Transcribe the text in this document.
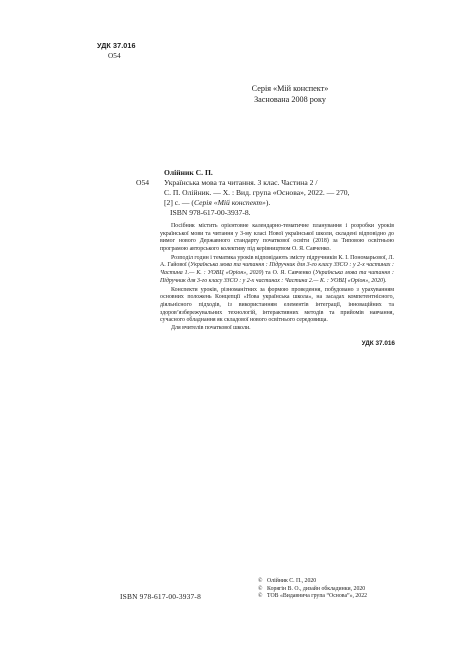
УДК 37.016
О54
Серія «Мій конспект»
Заснована 2008 року
Олійник С. П.
О54	Українська мова та читання. 3 клас. Частина 2 /
С. П. Олійник. — Х. : Вид. група «Основа», 2022. — 270,
[2] с. — (Серія «Мій конспект»).
ISBN 978-617-00-3937-8.

Посібник містить орієнтовне календарно-тематичне планування і розробки уроків української мови та читання у 3-му класі Нової української школи, складені відповідно до вимог нового Державного стандарту початкової освіти (2018) за Типовою освітньою програмою авторського колективу під керівництвом О. Я. Савченко.

Розподіл годин і тематика уроків відповідають змісту підручників К. І. Пономарьової, Л. А. Гайової (Українська мова та читання : Підручник для 3-го класу ЗЗСО : у 2-х частинах : Частина 1.— К. : УОВЦ «Оріон», 2020) та О. Я. Савченко (Українська мова та читання : Підручник для 3-го класу ЗЗСО : у 2-х частинах : Частина 2.— К. : УОВЦ «Оріон», 2020).

Конспекти уроків, різноманітних за формою проведення, побудовано з урахуванням основних положень Концепції «Нова українська школа», на засадах компетентнісного, діяльнісного підходів, із використанням елементів інтеграції, інноваційних та здоров’язбережувальних технологій, інтерактивних методів та прийомів навчання, сучасного обладнання як складової нового освітнього середовища.

Для вчителів початкової школи.

УДК 37.016
© Олійник С. П., 2020
© Корягін В. О., дизайн обкладинки, 2020
© ТОВ «Видавнича група “Основа”», 2022
ISBN 978-617-00-3937-8
